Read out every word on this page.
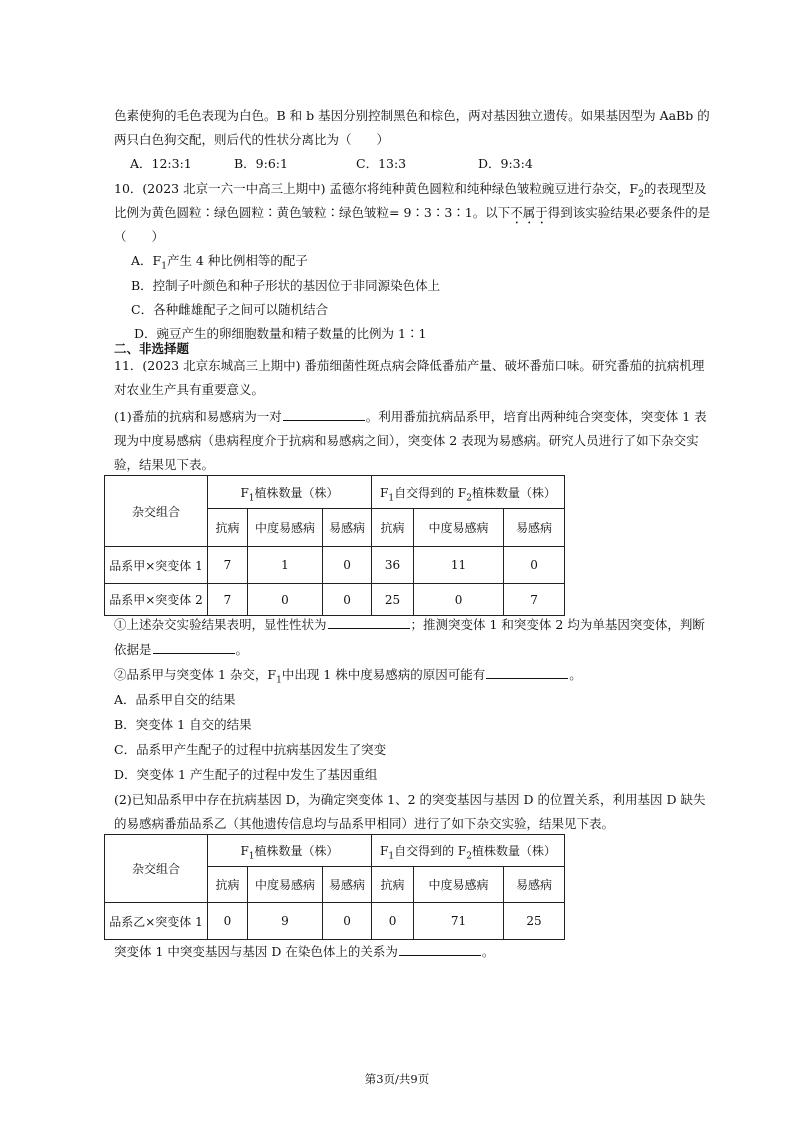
色素使狗的毛色表现为白色。B 和 b 基因分别控制黑色和棕色，两对基因独立遗传。如果基因型为 AaBb 的
两只白色狗交配，则后代的性状分离比为（　　）
A．12:3:1	B．9:6:1	C．13:3	D．9:3:4
10．(2023 北京一六一中高三上期中) 孟德尔将纯种黄色圆粒和纯种绿色皱粒豌豆进行杂交，$F_2$的表现型及
比例为黄色圆粒∶绿色圆粒∶黄色皱粒∶绿色皱粒= 9∶3∶3∶1。以下不属于得到该实验结果必要条件的是
（　　）
A．$F_1$产生 4 种比例相等的配子
B．控制子叶颜色和种子形状的基因位于非同源染色体上
C．各种雌雄配子之间可以随机结合
D．豌豆产生的卵细胞数量和精子数量的比例为 1∶1
二、非选择题
11．(2023 北京东城高三上期中) 番茄细菌性斑点病会降低番茄产量、破坏番茄口味。研究番茄的抗病机理
对农业生产具有重要意义。
(1)番茄的抗病和易感病为一对	。利用番茄抗病品系甲，培育出两种纯合突变体，突变体 1 表
现为中度易感病（患病程度介于抗病和易感病之间），突变体 2 表现为易感病。研究人员进行了如下杂交实
验，结果见下表。
杂交组合	$F_1$植株数量（株）			$F_1$自交得到的 $F_2$植株数量（株）		
	抗病	中度易感病	易感病	抗病	中度易感病	易感病
品系甲×突变体 1	7	1	0	36	11	0
品系甲×突变体 2	7	0	0	25	0	7
①上述杂交实验结果表明，显性性状为	；推测突变体 1 和突变体 2 均为单基因突变体，判断
依据是	。
②品系甲与突变体 1 杂交，$F_1$中出现 1 株中度易感病的原因可能有	。
A．品系甲自交的结果
B．突变体 1 自交的结果
C．品系甲产生配子的过程中抗病基因发生了突变
D．突变体 1 产生配子的过程中发生了基因重组
(2)已知品系甲中存在抗病基因 D，为确定突变体 1、2 的突变基因与基因 D 的位置关系，利用基因 D 缺失
的易感病番茄品系乙（其他遗传信息均与品系甲相同）进行了如下杂交实验，结果见下表。
杂交组合	$F_1$植株数量（株）			$F_1$自交得到的 $F_2$植株数量（株）		
	抗病	中度易感病	易感病	抗病	中度易感病	易感病
品系乙×突变体 1	0	9	0	0	71	25
突变体 1 中突变基因与基因 D 在染色体上的关系为	。
第3页/共9页
